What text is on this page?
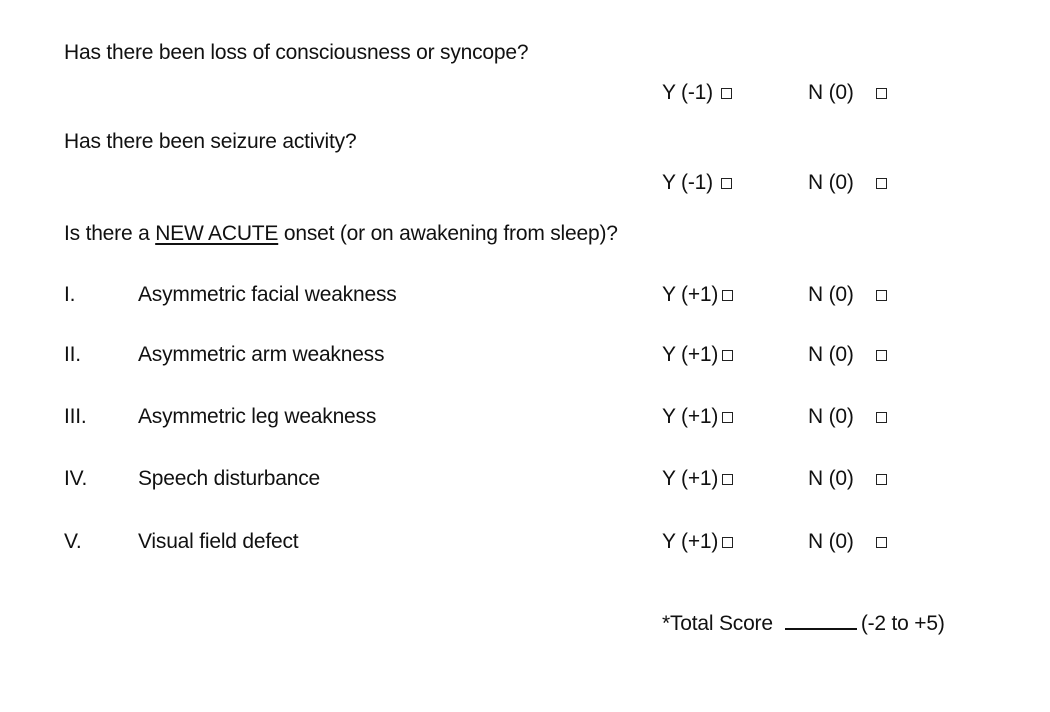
Has there been loss of consciousness or syncope?
Y (-1)	N (0)
Has there been seizure activity?
Y (-1)	N (0)
Is there a NEW ACUTE onset (or on awakening from sleep)?
I.	Asymmetric facial weakness	Y (+1)	N (0)
II.	Asymmetric arm weakness	Y (+1)	N (0)
III. Asymmetric leg weakness	Y (+1)	N (0)
IV. Speech disturbance	Y (+1)	N (0)
V.	Visual field defect	Y (+1)	N (0)
*Total Score	(-2 to +5)
